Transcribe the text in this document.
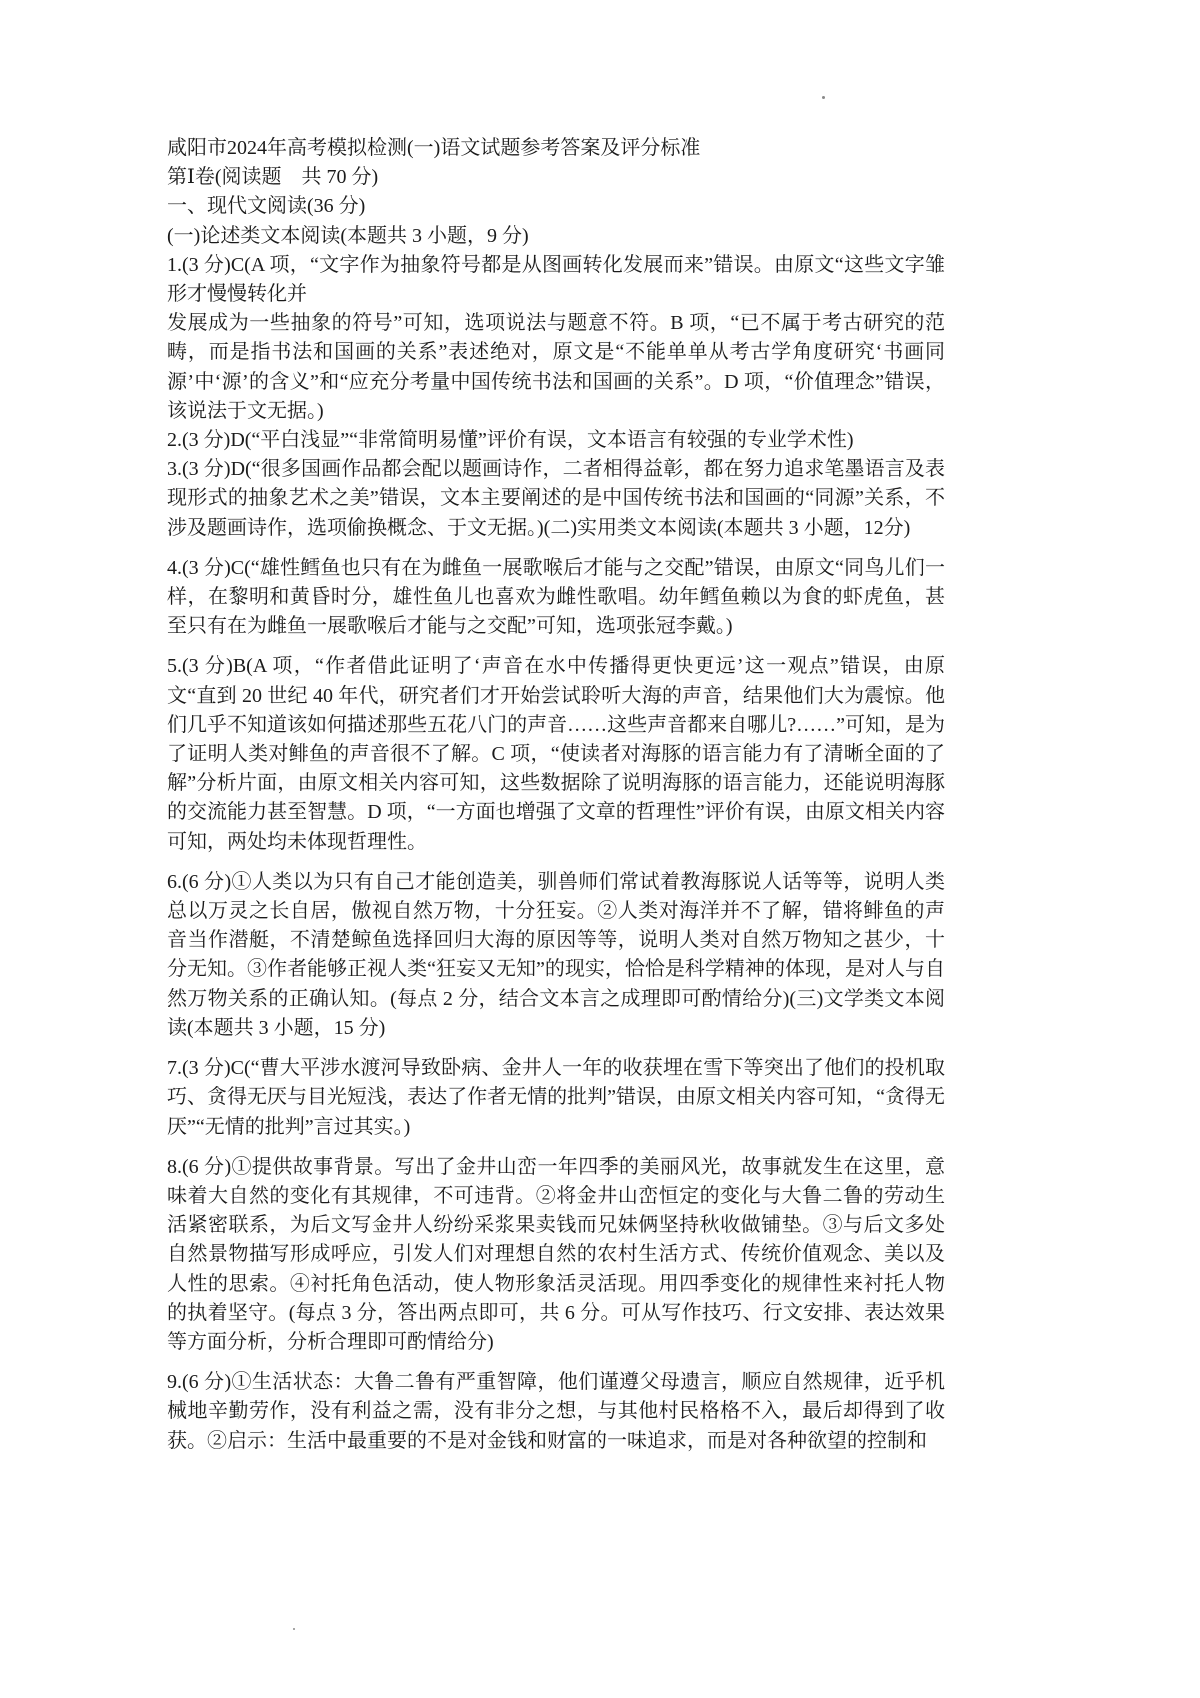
咸阳市2024年高考模拟检测(一)语文试题参考答案及评分标准

第Ⅰ卷(阅读题　共 70 分)

一、现代文阅读(36 分)

(一)论述类文本阅读(本题共 3 小题，9 分)

1.(3 分)C(A 项，“文字作为抽象符号都是从图画转化发展而来”错误。由原文“这些文字雏形才慢慢转化并

发展成为一些抽象的符号”可知，选项说法与题意不符。B 项，“已不属于考古研究的范畴，而是指书法和国画的关系”表述绝对，原文是“不能单单从考古学角度研究‘书画同源’中‘源’的含义”和“应充分考量中国传统书法和国画的关系”。D 项，“价值理念”错误，该说法于文无据。)

2.(3 分)D(“平白浅显”“非常简明易懂”评价有误，文本语言有较强的专业学术性)

3.(3 分)D(“很多国画作品都会配以题画诗作，二者相得益彰，都在努力追求笔墨语言及表现形式的抽象艺术之美”错误，文本主要阐述的是中国传统书法和国画的“同源”关系，不涉及题画诗作，选项偷换概念、于文无据。)(二)实用类文本阅读(本题共 3 小题，12分)

4.(3 分)C(“雄性鳕鱼也只有在为雌鱼一展歌喉后才能与之交配”错误，由原文“同鸟儿们一样，在黎明和黄昏时分，雄性鱼儿也喜欢为雌性歌唱。幼年鳕鱼赖以为食的虾虎鱼，甚至只有在为雌鱼一展歌喉后才能与之交配”可知，选项张冠李戴。)

5.(3 分)B(A 项，“作者借此证明了‘声音在水中传播得更快更远’这一观点”错误，由原文“直到 20 世纪 40 年代，研究者们才开始尝试聆听大海的声音，结果他们大为震惊。他们几乎不知道该如何描述那些五花八门的声音……这些声音都来自哪儿?……”可知，是为了证明人类对鲱鱼的声音很不了解。C 项，“使读者对海豚的语言能力有了清晰全面的了解”分析片面，由原文相关内容可知，这些数据除了说明海豚的语言能力，还能说明海豚的交流能力甚至智慧。D 项，“一方面也增强了文章的哲理性”评价有误，由原文相关内容可知，两处均未体现哲理性。

6.(6 分)①人类以为只有自己才能创造美，驯兽师们常试着教海豚说人话等等，说明人类总以万灵之长自居，傲视自然万物，十分狂妄。②人类对海洋并不了解，错将鲱鱼的声音当作潜艇，不清楚鲸鱼选择回归大海的原因等等，说明人类对自然万物知之甚少，十分无知。③作者能够正视人类“狂妄又无知”的现实，恰恰是科学精神的体现，是对人与自然万物关系的正确认知。(每点 2 分，结合文本言之成理即可酌情给分)(三)文学类文本阅读(本题共 3 小题，15 分)

7.(3 分)C(“曹大平涉水渡河导致卧病、金井人一年的收获埋在雪下等突出了他们的投机取巧、贪得无厌与目光短浅，表达了作者无情的批判”错误，由原文相关内容可知，“贪得无厌”“无情的批判”言过其实。)

8.(6 分)①提供故事背景。写出了金井山峦一年四季的美丽风光，故事就发生在这里，意味着大自然的变化有其规律，不可违背。②将金井山峦恒定的变化与大鲁二鲁的劳动生活紧密联系，为后文写金井人纷纷采浆果卖钱而兄妹俩坚持秋收做铺垫。③与后文多处自然景物描写形成呼应，引发人们对理想自然的农村生活方式、传统价值观念、美以及人性的思索。④衬托角色活动，使人物形象活灵活现。用四季变化的规律性来衬托人物的执着坚守。(每点 3 分，答出两点即可，共 6 分。可从写作技巧、行文安排、表达效果等方面分析，分析合理即可酌情给分)

9.(6 分)①生活状态：大鲁二鲁有严重智障，他们谨遵父母遗言，顺应自然规律，近乎机械地辛勤劳作，没有利益之需，没有非分之想，与其他村民格格不入，最后却得到了收获。②启示：生活中最重要的不是对金钱和财富的一味追求，而是对各种欲望的控制和
